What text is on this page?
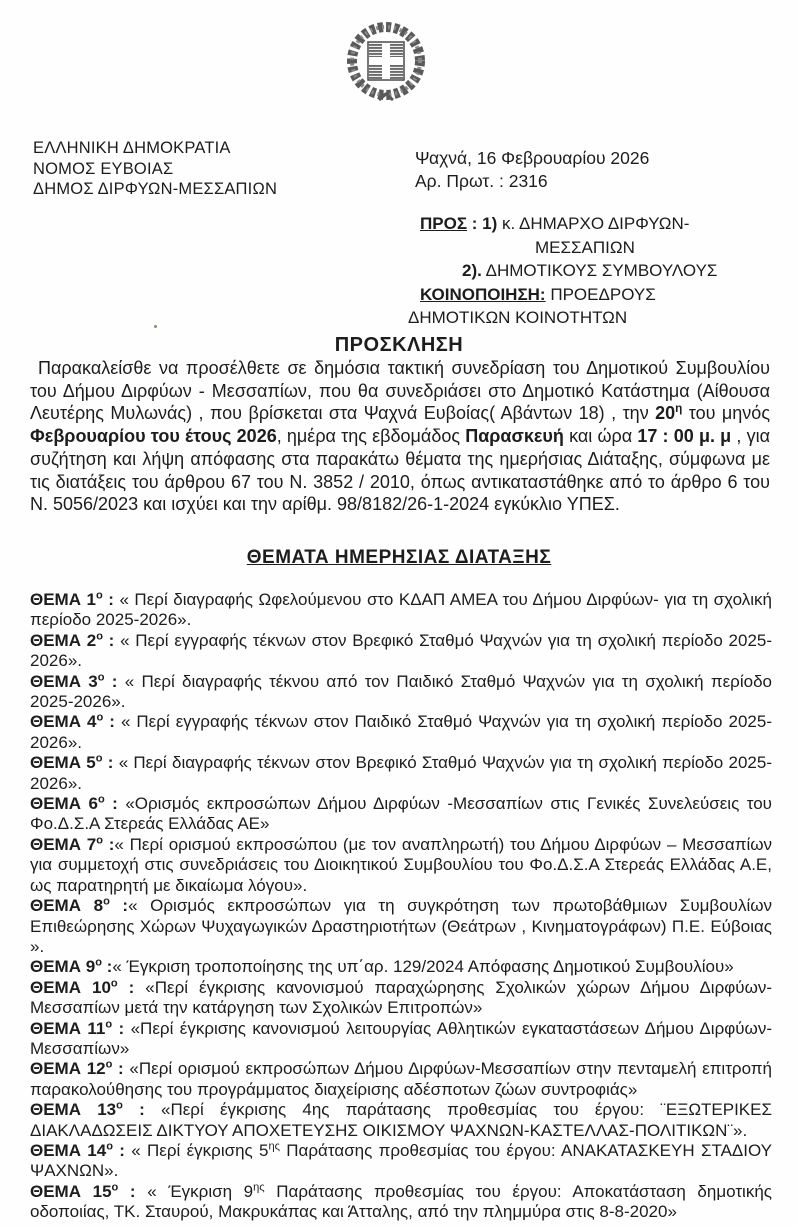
ΕΛΛΗΝΙΚΗ ΔΗΜΟΚΡΑΤΙΑ
ΝΟΜΟΣ ΕΥΒΟΙΑΣ
ΔΗΜΟΣ ΔΙΡΦΥΩΝ-ΜΕΣΣΑΠΙΩΝ
Ψαχνά, 16 Φεβρουαρίου 2026
Αρ. Πρωτ. : 2316
ΠΡΟΣ : 1) κ. ΔΗΜΑΡΧΟ ΔΙΡΦΥΩΝ-
ΜΕΣΣΑΠΙΩΝ
2). ΔΗΜΟΤΙΚΟΥΣ ΣΥΜΒΟΥΛΟΥΣ
ΚΟΙΝΟΠΟΙΗΣΗ: ΠΡΟΕΔΡΟΥΣ
ΔΗΜΟΤΙΚΩΝ ΚΟΙΝΟΤΗΤΩΝ
ΠΡΟΣΚΛΗΣΗ

Παρακαλείσθε να προσέλθετε σε δημόσια τακτική συνεδρίαση του Δημοτικού Συμβουλίου του Δήμου Διρφύων - Μεσσαπίων, που θα συνεδριάσει στο Δημοτικό Κατάστημα (Αίθουσα Λευτέρης Μυλωνάς) , που βρίσκεται στα Ψαχνά Ευβοίας( Αβάντων 18) , την $20^\eta$ του μηνός Φεβρουαρίου του έτους 2026, ημέρα της εβδομάδος Παρασκευή και ώρα 17 : 00 μ. μ , για συζήτηση και λήψη απόφασης στα παρακάτω θέματα της ημερήσιας Διάταξης, σύμφωνα με τις διατάξεις του άρθρου 67 του Ν. 3852 / 2010, όπως αντικαταστάθηκε από το άρθρο 6 του Ν. 5056/2023 και ισχύει και την αρίθμ. 98/8182/26-1-2024 εγκύκλιο ΥΠΕΣ.

ΘΕΜΑΤΑ ΗΜΕΡΗΣΙΑΣ ΔΙΑΤΑΞΗΣ

ΘΕΜΑ $1^o$ : « Περί διαγραφής Ωφελούμενου στο ΚΔΑΠ ΑΜΕΑ του Δήμου Διρφύων- για τη σχολική περίοδο 2025-2026».

ΘΕΜΑ $2^o$ : « Περί εγγραφής τέκνων στον Βρεφικό Σταθμό Ψαχνών για τη σχολική περίοδο 2025-2026».

ΘΕΜΑ $3^o$ : « Περί διαγραφής τέκνου από τον Παιδικό Σταθμό Ψαχνών για τη σχολική περίοδο 2025-2026».

ΘΕΜΑ $4^o$ : « Περί εγγραφής τέκνων στον Παιδικό Σταθμό Ψαχνών για τη σχολική περίοδο 2025-2026».

ΘΕΜΑ $5^o$ : « Περί διαγραφής τέκνων στον Βρεφικό Σταθμό Ψαχνών για τη σχολική περίοδο 2025-2026».

ΘΕΜΑ $6^o$ : «Ορισμός εκπροσώπων Δήμου Διρφύων -Μεσσαπίων στις Γενικές Συνελεύσεις του Φο.Δ.Σ.Α Στερεάς Ελλάδας ΑΕ»

ΘΕΜΑ $7^o$ :« Περί ορισμού εκπροσώπου (με τον αναπληρωτή) του Δήμου Διρφύων – Μεσσαπίων για συμμετοχή στις συνεδριάσεις του Διοικητικού Συμβουλίου του Φο.Δ.Σ.Α Στερεάς Ελλάδας Α.Ε, ως παρατηρητή με δικαίωμα λόγου».

ΘΕΜΑ $8^o$ :« Ορισμός εκπροσώπων για τη συγκρότηση των πρωτοβάθμιων Συμβουλίων Επιθεώρησης Χώρων Ψυχαγωγικών Δραστηριοτήτων (Θεάτρων , Κινηματογράφων) Π.Ε. Εύβοιας ».

ΘΕΜΑ $9^o$ :« Έγκριση τροποποίησης της υπ΄αρ. 129/2024 Απόφασης Δημοτικού Συμβουλίου»

ΘΕΜΑ $10^o$ : «Περί έγκρισης κανονισμού παραχώρησης Σχολικών χώρων Δήμου Διρφύων-Μεσσαπίων μετά την κατάργηση των Σχολικών Επιτροπών»

ΘΕΜΑ $11^o$ : «Περί έγκρισης κανονισμού λειτουργίας Αθλητικών εγκαταστάσεων Δήμου Διρφύων-Μεσσαπίων»

ΘΕΜΑ $12^o$ : «Περί ορισμού εκπροσώπων Δήμου Διρφύων-Μεσσαπίων στην πενταμελή επιτροπή παρακολούθησης του προγράμματος διαχείρισης αδέσποτων ζώων συντροφιάς»

ΘΕΜΑ $13^o$ : «Περί έγκρισης 4ης παράτασης προθεσμίας του έργου: ¨ΕΞΩΤΕΡΙΚΕΣ ΔΙΑΚΛΑΔΩΣΕΙΣ ΔΙΚΤΥΟΥ ΑΠΟΧΕΤΕΥΣΗΣ ΟΙΚΙΣΜΟΥ ΨΑΧΝΩΝ-ΚΑΣΤΕΛΛΑΣ-ΠΟΛΙΤΙΚΩΝ¨».

ΘΕΜΑ $14^o$ : « Περί έγκρισης $5^{\eta\varsigma}$ Παράτασης προθεσμίας του έργου: ΑΝΑΚΑΤΑΣΚΕΥΗ ΣΤΑΔΙΟΥ ΨΑΧΝΩΝ».

ΘΕΜΑ $15^o$ : « Έγκριση $9^{\eta\varsigma}$ Παράτασης προθεσμίας του έργου: Αποκατάσταση δημοτικής οδοποιίας, ΤΚ. Σταυρού, Μακρυκάπας και Άτταλης, από την πλημμύρα στις 8-8-2020»
